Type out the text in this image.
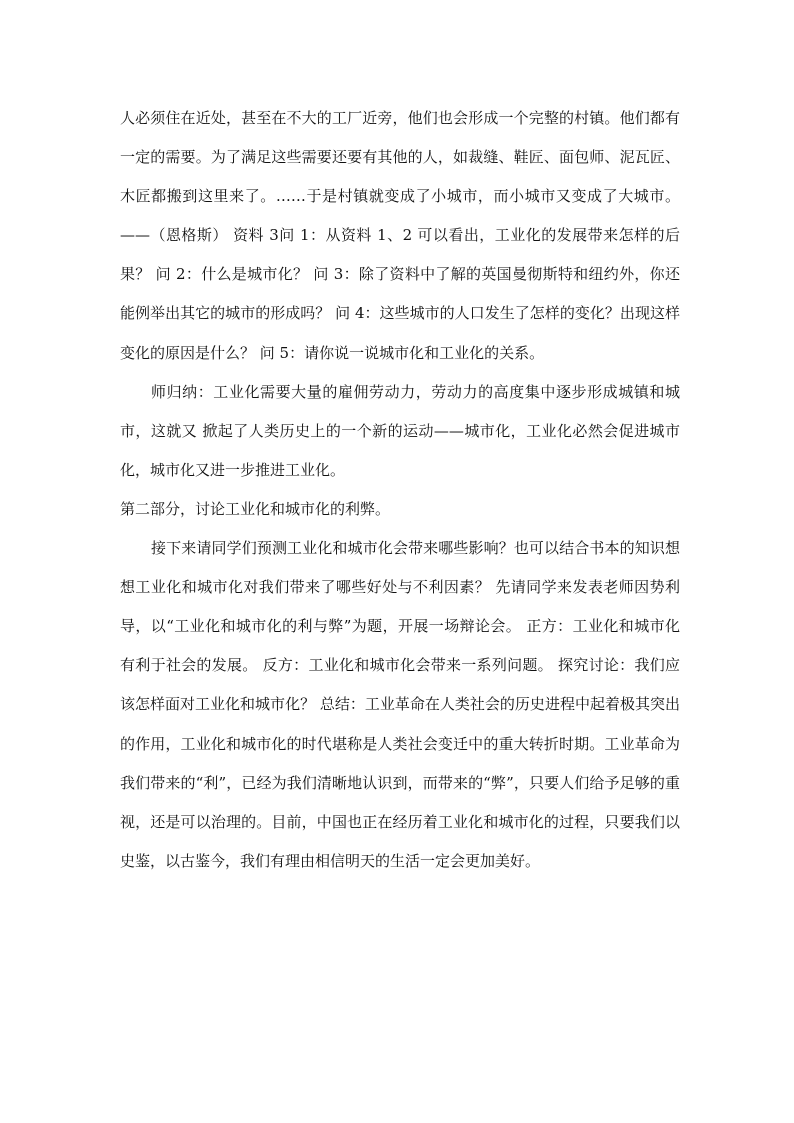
人必须住在近处，甚至在不大的工厂近旁，他们也会形成一个完整的村镇。他们都有一定的需要。为了满足这些需要还要有其他的人，如裁缝、鞋匠、面包师、泥瓦匠、木匠都搬到这里来了。……于是村镇就变成了小城市，而小城市又变成了大城市。 ——（恩格斯） 资料 3问 1：从资料 1、2 可以看出，工业化的发展带来怎样的后果？ 问 2：什么是城市化？ 问 3：除了资料中了解的英国曼彻斯特和纽约外，你还能例举出其它的城市的形成吗？ 问 4：这些城市的人口发生了怎样的变化？出现这样变化的原因是什么？ 问 5：请你说一说城市化和工业化的关系。

师归纳：工业化需要大量的雇佣劳动力，劳动力的高度集中逐步形成城镇和城市，这就又 掀起了人类历史上的一个新的运动——城市化，工业化必然会促进城市化，城市化又进一步推进工业化。

第二部分，讨论工业化和城市化的利弊。

接下来请同学们预测工业化和城市化会带来哪些影响？也可以结合书本的知识想想工业化和城市化对我们带来了哪些好处与不利因素？ 先请同学来发表老师因势利导，以“工业化和城市化的利与弊”为题，开展一场辩论会。 正方：工业化和城市化有利于社会的发展。 反方：工业化和城市化会带来一系列问题。 探究讨论：我们应该怎样面对工业化和城市化？ 总结：工业革命在人类社会的历史进程中起着极其突出的作用，工业化和城市化的时代堪称是人类社会变迁中的重大转折时期。工业革命为我们带来的“利”，已经为我们清晰地认识到，而带来的“弊”，只要人们给予足够的重视，还是可以治理的。目前，中国也正在经历着工业化和城市化的过程，只要我们以史鉴，以古鉴今，我们有理由相信明天的生活一定会更加美好。
